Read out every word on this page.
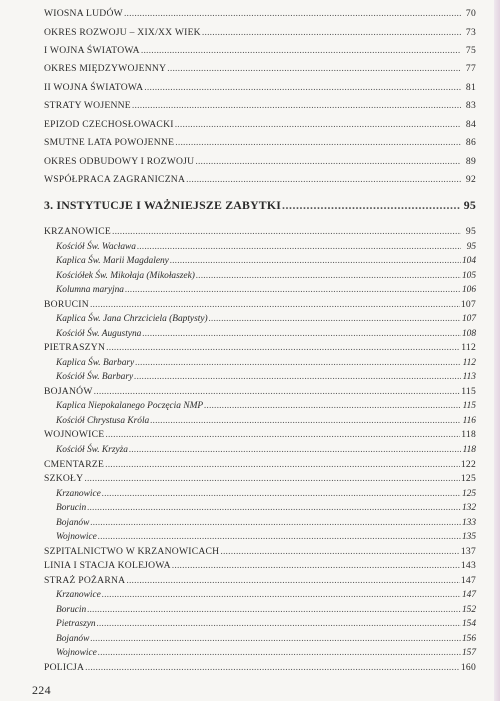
WIOSNA LUDÓW .....	70
OKRES ROZWOJU – XIX/XX WIEK .....	73
I WOJNA ŚWIATOWA .....	75
OKRES MIĘDZYWOJENNY .....	77
II WOJNA ŚWIATOWA .....	81
STRATY WOJENNE .....	83
EPIZOD CZECHOSŁOWACKI .....	84
SMUTNE LATA POWOJENNE .....	86
OKRES ODBUDOWY I ROZWOJU .....	89
WSPÓŁPRACA ZAGRANICZNA .....	92
3. INSTYTUCJE I WAŻNIEJSZE ZABYTKI . . .	95
KRZANOWICE .....	95
Kościół Św. Wacława .....	95
Kaplica Św. Marii Magdaleny .....	104
Kościółek Św. Mikołaja (Mikołaszek) .....	105
Kolumna maryjna .....	106
BORUCIN .....	107
Kaplica Św. Jana Chrzciciela (Baptysty) .....	107
Kościół Św. Augustyna .....	108
PIETRASZYN .....	112
Kaplica Św. Barbary .....	112
Kościół Św. Barbary .....	113
BOJANÓW .....	115
Kaplica Niepokalanego Poczęcia NMP .....	115
Kościół Chrystusa Króla .....	116
WOJNOWICE .....	118
Kościół Św. Krzyża .....	118
CMENTARZE .....	122
SZKOŁY .....	125
Krzanowice .....	125
Borucin .....	132
Bojanów .....	133
Wojnowice .....	135
SZPITALNICTWO W KRZANOWICACH .....	137
LINIA I STACJA KOLEJOWA .....	143
STRAŻ POŻARNA .....	147
Krzanowice .....	147
Borucin .....	152
Pietraszyn .....	154
Bojanów .....	156
Wojnowice .....	157
POLICJA .....	160
224
